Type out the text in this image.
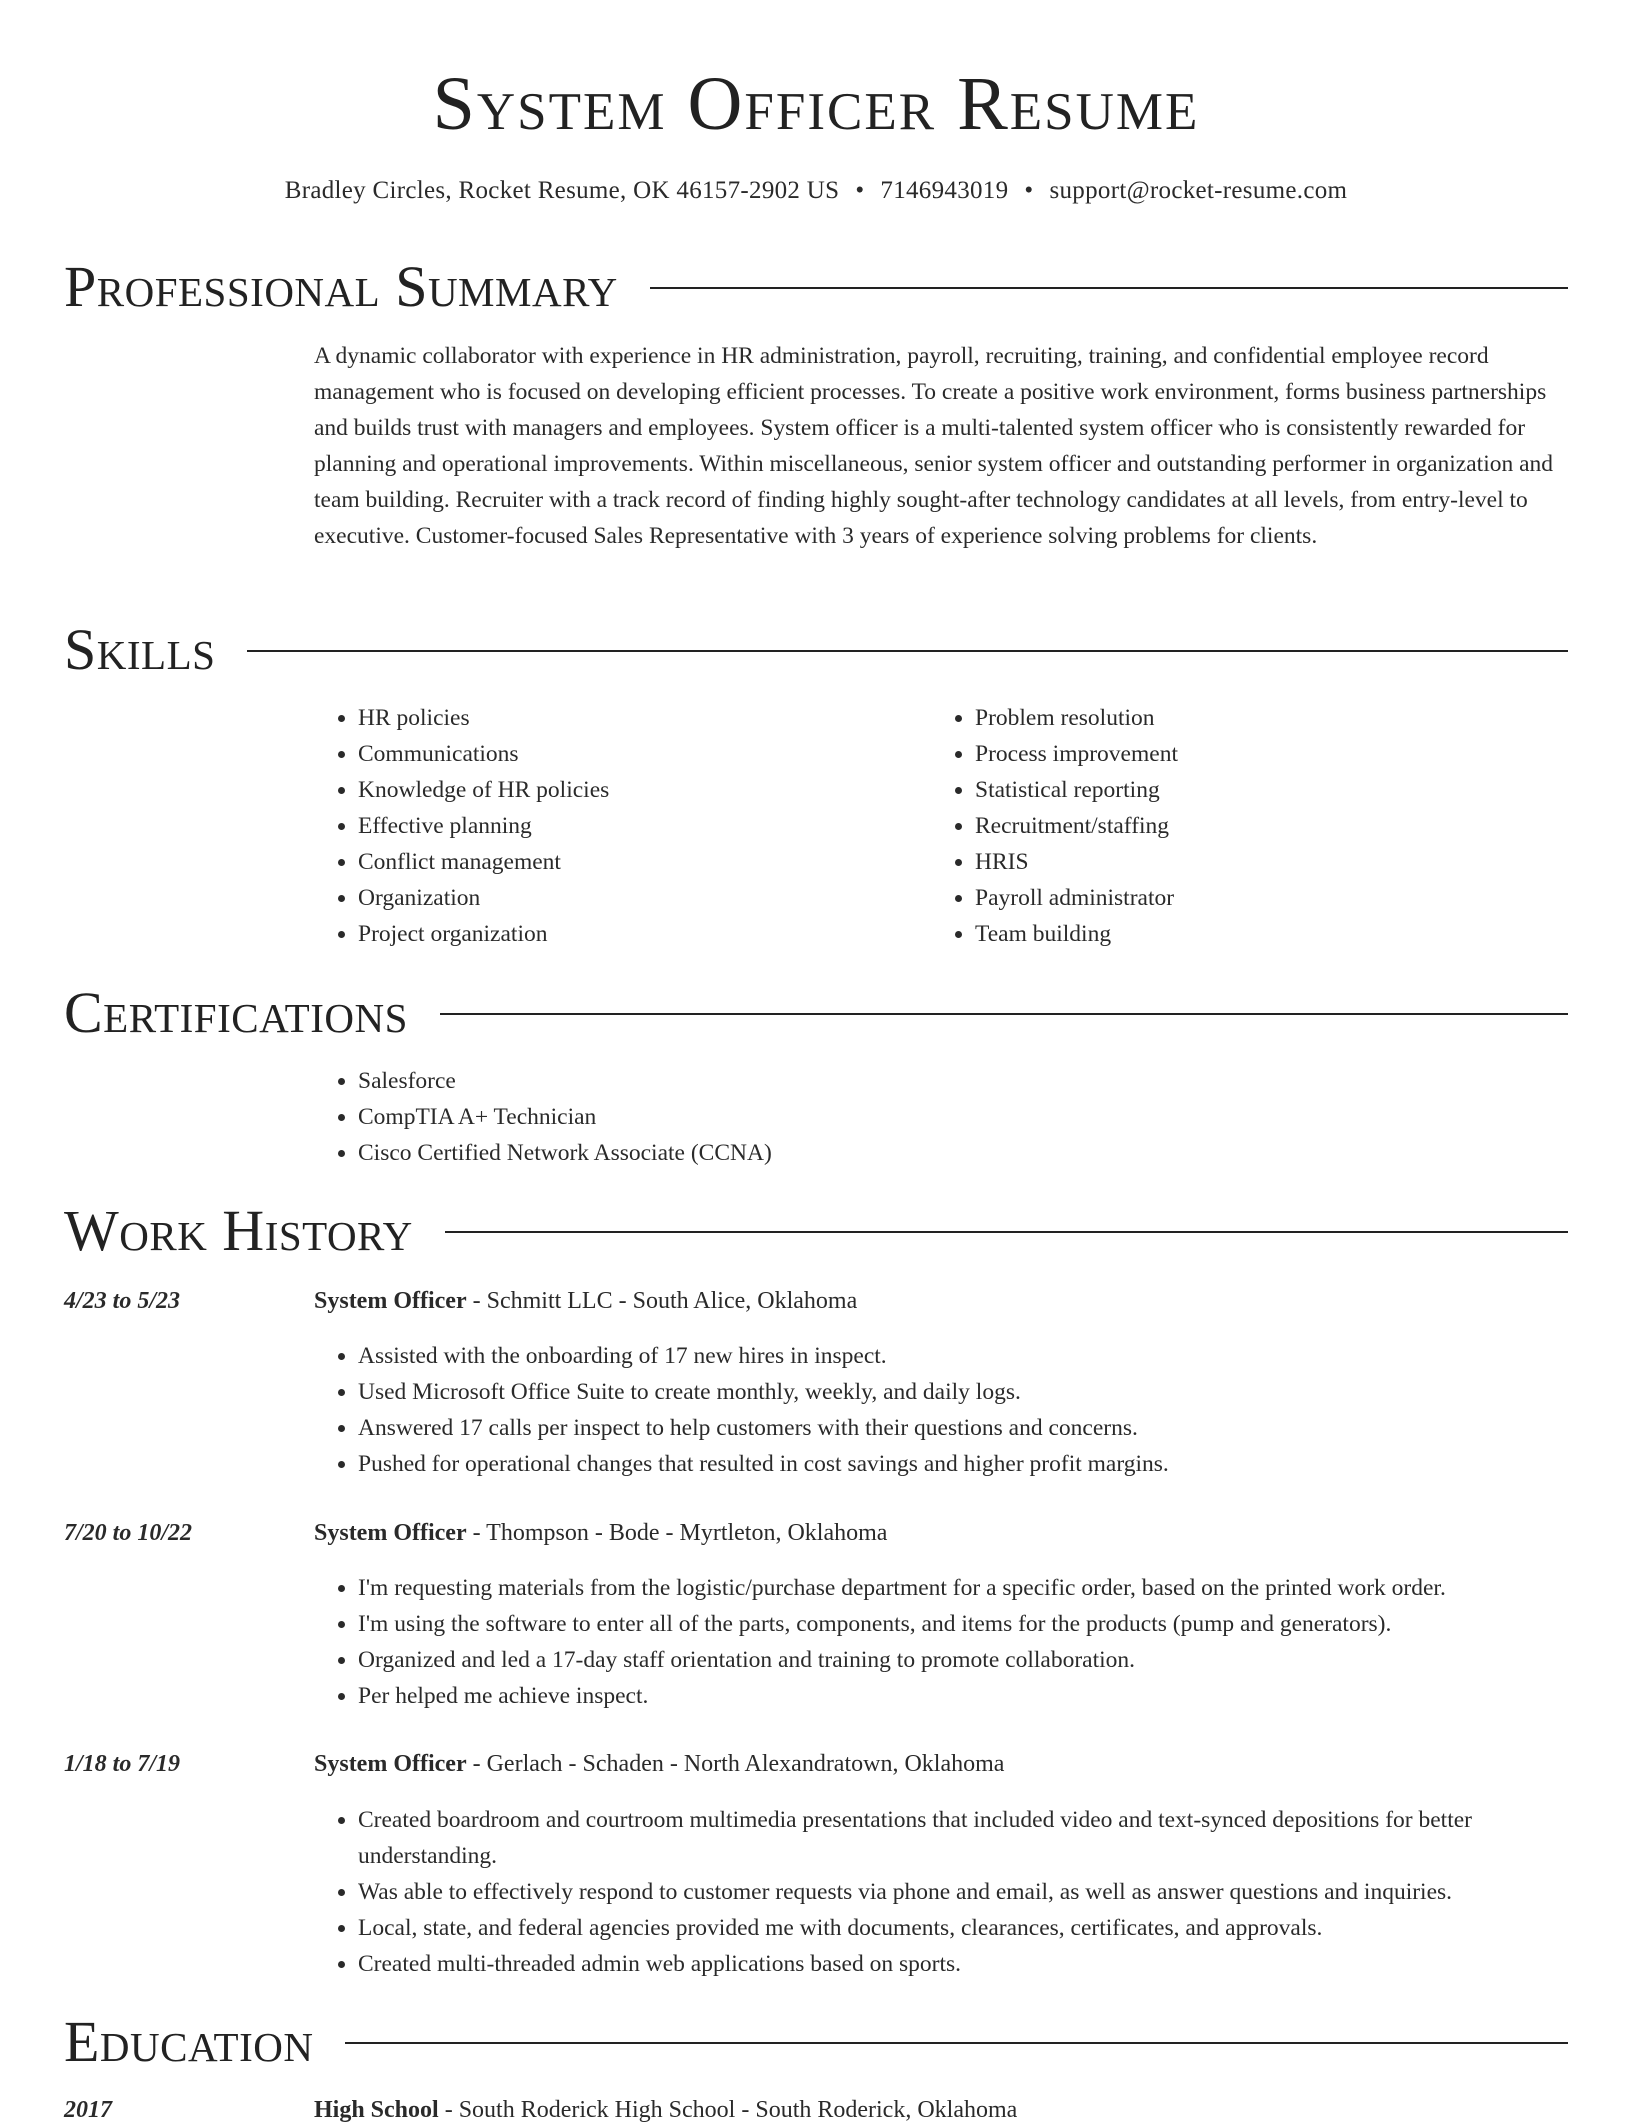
System Officer Resume
Bradley Circles, Rocket Resume, OK 46157-2902 US • 7146943019 • support@rocket-resume.com
Professional Summary

A dynamic collaborator with experience in HR administration, payroll, recruiting, training, and confidential employee record management who is focused on developing efficient processes. To create a positive work environment, forms business partnerships and builds trust with managers and employees. System officer is a multi-talented system officer who is consistently rewarded for planning and operational improvements. Within miscellaneous, senior system officer and outstanding performer in organization and team building. Recruiter with a track record of finding highly sought-after technology candidates at all levels, from entry-level to executive. Customer-focused Sales Representative with 3 years of experience solving problems for clients.

Skills
• HR policies
• Communications
• Knowledge of HR policies
• Effective planning
• Conflict management
• Organization
• Project organization
• Problem resolution
• Process improvement
• Statistical reporting
• Recruitment/staffing
• HRIS
• Payroll administrator
• Team building
Certifications
• Salesforce
• CompTIA A+ Technician
• Cisco Certified Network Associate (CCNA)
Work History
4/23 to 5/23	System Officer - Schmitt LLC - South Alice, Oklahoma
• Assisted with the onboarding of 17 new hires in inspect.
• Used Microsoft Office Suite to create monthly, weekly, and daily logs.
• Answered 17 calls per inspect to help customers with their questions and concerns.
• Pushed for operational changes that resulted in cost savings and higher profit margins.
7/20 to 10/22	System Officer - Thompson - Bode - Myrtleton, Oklahoma
• I'm requesting materials from the logistic/purchase department for a specific order, based on the printed work order.
• I'm using the software to enter all of the parts, components, and items for the products (pump and generators).
• Organized and led a 17-day staff orientation and training to promote collaboration.
• Per helped me achieve inspect.
1/18 to 7/19	System Officer - Gerlach - Schaden - North Alexandratown, Oklahoma
• Created boardroom and courtroom multimedia presentations that included video and text-synced depositions for better understanding.
• Was able to effectively respond to customer requests via phone and email, as well as answer questions and inquiries.
• Local, state, and federal agencies provided me with documents, clearances, certificates, and approvals.
• Created multi-threaded admin web applications based on sports.
Education
2017	High School - South Roderick High School - South Roderick, Oklahoma
